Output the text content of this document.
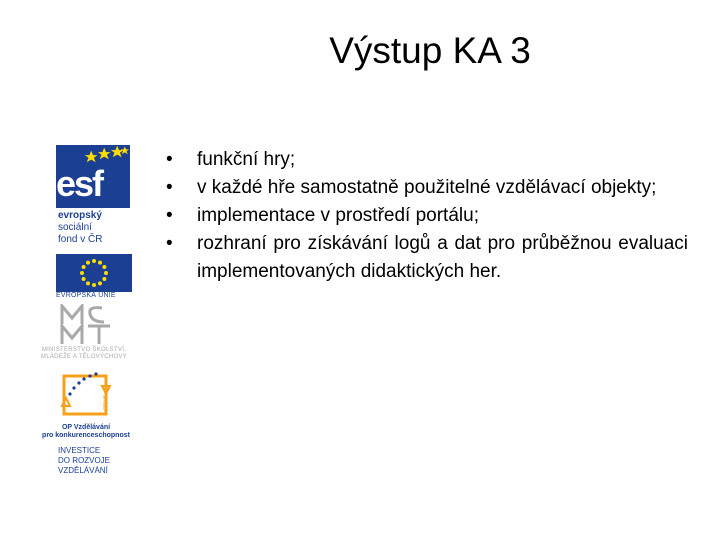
Výstup KA 3
esf
evropský
sociální
fond v ČR
EVROPSKÁ UNIE
MINISTERSTVO ŠKOLSTVÍ,
MLÁDEŽE A TĚLOVÝCHOVY
OP VK
OP Vzdělávání
pro konkurenceschopnost
INVESTICE
DO ROZVOJE
VZDĚLÁVÁNÍ
• funkční hry;
• v každé hře samostatně použitelné vzdělávací objekty;
• implementace v prostředí portálu;
• rozhraní pro získávání logů a dat pro průběžnou evaluaci implementovaných didaktických her.
